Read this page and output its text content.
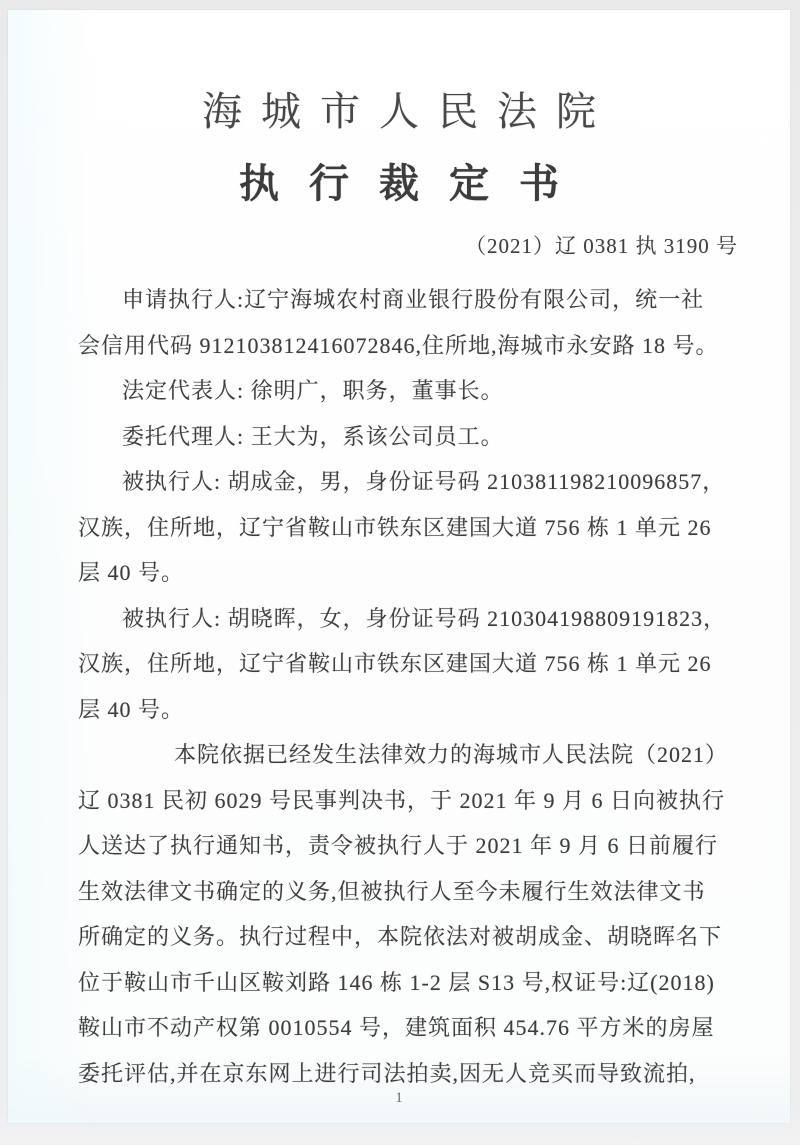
海城市人民法院
执行裁定书
（2021）辽 0381 执 3190 号
申请执行人:辽宁海城农村商业银行股份有限公司，统一社
会信用代码 912103812416072846,住所地,海城市永安路 18 号。
法定代表人: 徐明广，职务，董事长。
委托代理人: 王大为，系该公司员工。
被执行人: 胡成金，男，身份证号码 210381198210096857，
汉族，住所地，辽宁省鞍山市铁东区建国大道 756 栋 1 单元 26
层 40 号。
被执行人: 胡晓晖，女，身份证号码 210304198809191823，
汉族，住所地，辽宁省鞍山市铁东区建国大道 756 栋 1 单元 26
层 40 号。
本院依据已经发生法律效力的海城市人民法院（2021）
辽 0381 民初 6029 号民事判决书，于 2021 年 9 月 6 日向被执行
人送达了执行通知书，责令被执行人于 2021 年 9 月 6 日前履行
生效法律文书确定的义务,但被执行人至今未履行生效法律文书
所确定的义务。执行过程中，本院依法对被胡成金、胡晓晖名下
位于鞍山市千山区鞍刘路 146 栋 1-2 层 S13 号,权证号:辽(2018)
鞍山市不动产权第 0010554 号，建筑面积 454.76 平方米的房屋
委托评估,并在京东网上进行司法拍卖,因无人竞买而导致流拍,
1
